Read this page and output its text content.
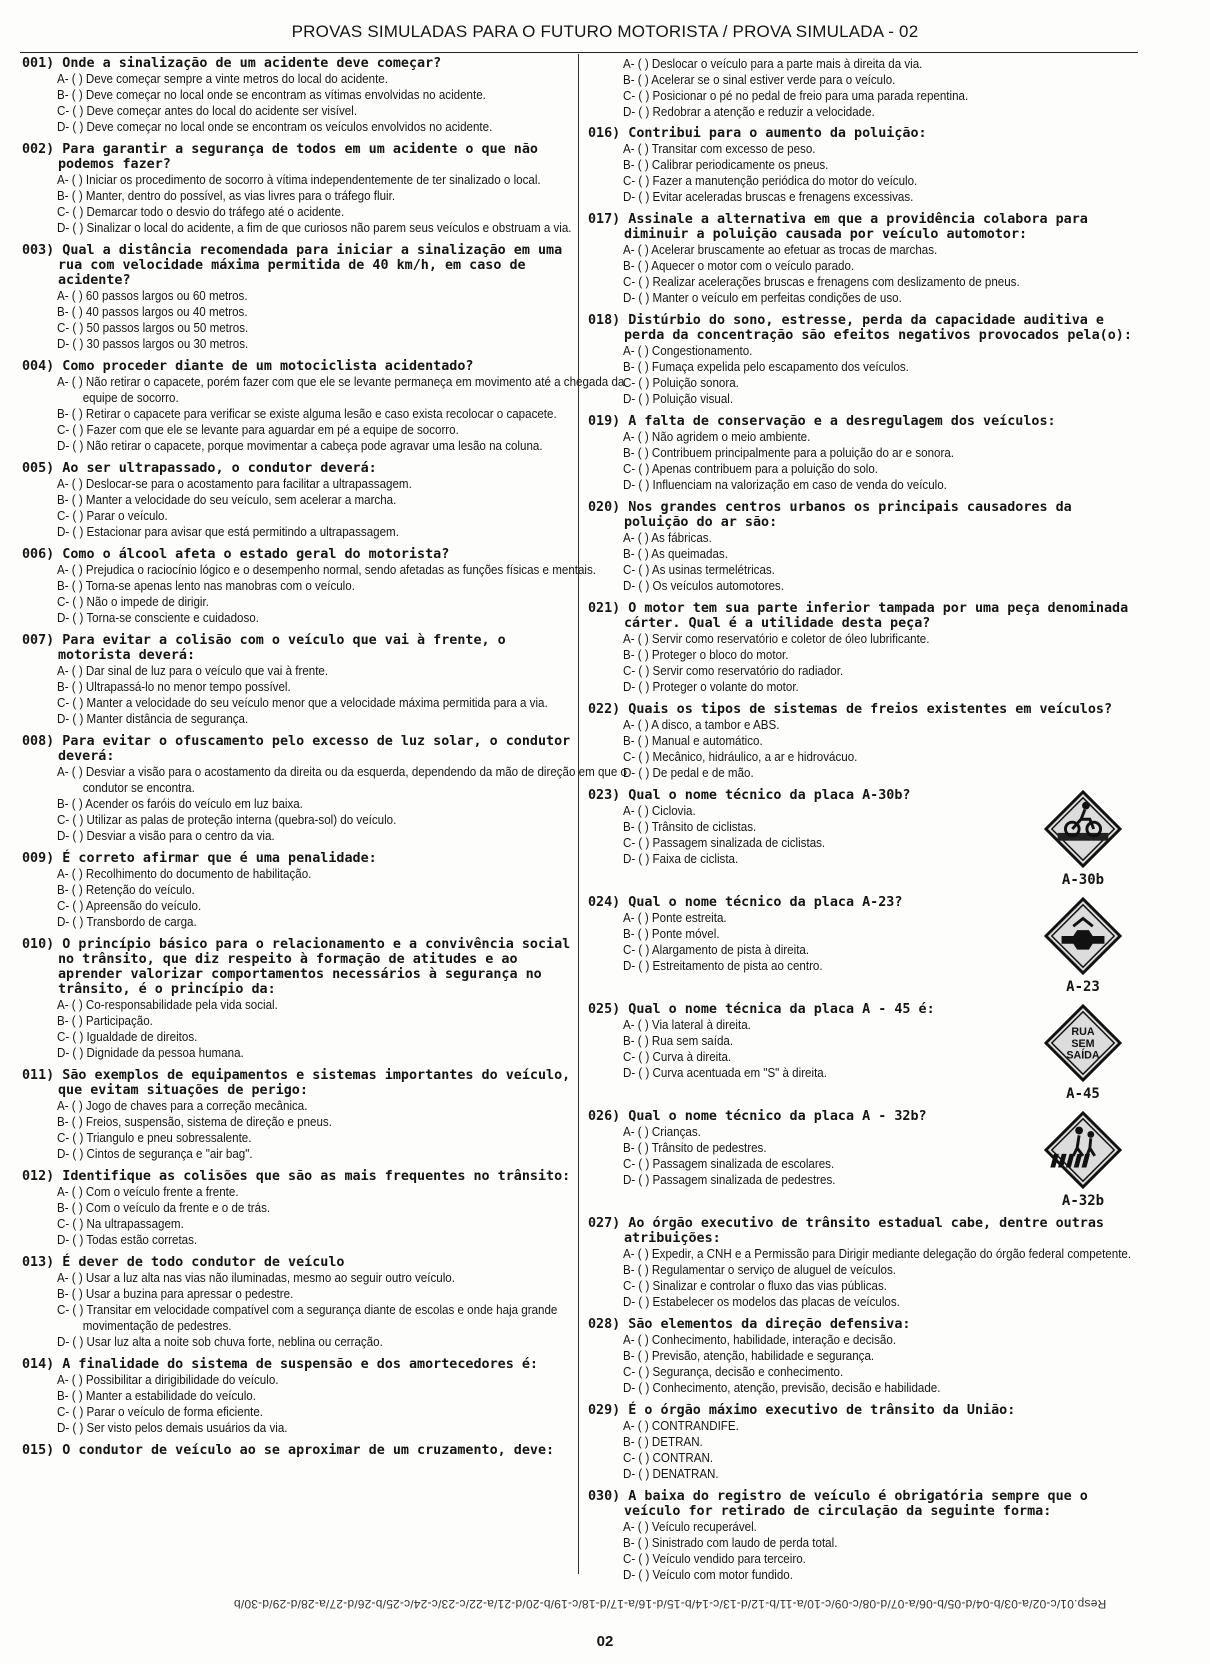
PROVAS SIMULADAS PARA O FUTURO MOTORISTA / PROVA SIMULADA - 02
001) Onde a sinalização de um acidente deve começar?
A- ( ) Deve começar sempre a vinte metros do local do acidente.
B- ( ) Deve começar no local onde se encontram as vítimas envolvidas no acidente.
C- ( ) Deve começar antes do local do acidente ser visível.
D- ( ) Deve começar no local onde se encontram os veículos envolvidos no acidente.
002) Para garantir a segurança de todos em um acidente o que não podemos fazer?
A- ( ) Iniciar os procedimento de socorro à vítima independentemente de ter sinalizado o local.
B- ( ) Manter, dentro do possível, as vias livres para o tráfego fluir.
C- ( ) Demarcar todo o desvio do tráfego até o acidente.
D- ( ) Sinalizar o local do acidente, a fim de que curiosos não parem seus veículos e obstruam a via.
003) Qual a distância recomendada para iniciar a sinalização em uma rua com velocidade máxima permitida de 40 km/h, em caso de acidente?
A- ( ) 60 passos largos ou 60 metros.
B- ( ) 40 passos largos ou 40 metros.
C- ( ) 50 passos largos ou 50 metros.
D- ( ) 30 passos largos ou 30 metros.
004) Como proceder diante de um motociclista acidentado?
A- ( ) Não retirar o capacete, porém fazer com que ele se levante permaneça em movimento até a chegada da equipe de socorro.
B- ( ) Retirar o capacete para verificar se existe alguma lesão e caso exista recolocar o capacete.
C- ( ) Fazer com que ele se levante para aguardar em pé a equipe de socorro.
D- ( ) Não retirar o capacete, porque movimentar a cabeça pode agravar uma lesão na coluna.
005) Ao ser ultrapassado, o condutor deverá:
A- ( ) Deslocar-se para o acostamento para facilitar a ultrapassagem.
B- ( ) Manter a velocidade do seu veículo, sem acelerar a marcha.
C- ( ) Parar o veículo.
D- ( ) Estacionar para avisar que está permitindo a ultrapassagem.
006) Como o álcool afeta o estado geral do motorista?
A- ( ) Prejudica o raciocínio lógico e o desempenho normal, sendo afetadas as funções físicas e mentais.
B- ( ) Torna-se apenas lento nas manobras com o veículo.
C- ( ) Não o impede de dirigir.
D- ( ) Torna-se consciente e cuidadoso.
007) Para evitar a colisão com o veículo que vai à frente, o motorista deverá:
A- ( ) Dar sinal de luz para o veículo que vai à frente.
B- ( ) Ultrapassá-lo no menor tempo possível.
C- ( ) Manter a velocidade do seu veículo menor que a velocidade máxima permitida para a via.
D- ( ) Manter distância de segurança.
008) Para evitar o ofuscamento pelo excesso de luz solar, o condutor deverá:
A- ( ) Desviar a visão para o acostamento da direita ou da esquerda, dependendo da mão de direção em que o condutor se encontra.
B- ( ) Acender os faróis do veículo em luz baixa.
C- ( ) Utilizar as palas de proteção interna (quebra-sol) do veículo.
D- ( ) Desviar a visão para o centro da via.
009) É correto afirmar que é uma penalidade:
A- ( ) Recolhimento do documento de habilitação.
B- ( ) Retenção do veículo.
C- ( ) Apreensão do veículo.
D- ( ) Transbordo de carga.
010) O princípio básico para o relacionamento e a convivência social no trânsito, que diz respeito à formação de atitudes e ao aprender valorizar comportamentos necessários à segurança no trânsito, é o princípio da:
A- ( ) Co-responsabilidade pela vida social.
B- ( ) Participação.
C- ( ) Igualdade de direitos.
D- ( ) Dignidade da pessoa humana.
011) São exemplos de equipamentos e sistemas importantes do veículo, que evitam situações de perigo:
A- ( ) Jogo de chaves para a correção mecânica.
B- ( ) Freios, suspensão, sistema de direção e pneus.
C- ( ) Triangulo e pneu sobressalente.
D- ( ) Cintos de segurança e "air bag".
012) Identifique as colisões que são as mais frequentes no trânsito:
A- ( ) Com o veículo frente a frente.
B- ( ) Com o veículo da frente e o de trás.
C- ( ) Na ultrapassagem.
D- ( ) Todas estão corretas.
013) É dever de todo condutor de veículo
A- ( ) Usar a luz alta nas vias não iluminadas, mesmo ao seguir outro veículo.
B- ( ) Usar a buzina para apressar o pedestre.
C- ( ) Transitar em velocidade compatível com a segurança diante de escolas e onde haja grande movimentação de pedestres.
D- ( ) Usar luz alta a noite sob chuva forte, neblina ou cerração.
014) A finalidade do sistema de suspensão e dos amortecedores é:
A- ( ) Possibilitar a dirigibilidade do veículo.
B- ( ) Manter a estabilidade do veículo.
C- ( ) Parar o veículo de forma eficiente.
D- ( ) Ser visto pelos demais usuários da via.
015) O condutor de veículo ao se aproximar de um cruzamento, deve:
A- ( ) Deslocar o veículo para a parte mais à direita da via.
B- ( ) Acelerar se o sinal estiver verde para o veículo.
C- ( ) Posicionar o pé no pedal de freio para uma parada repentina.
D- ( ) Redobrar a atenção e reduzir a velocidade.
016) Contribui para o aumento da poluição:
A- ( ) Transitar com excesso de peso.
B- ( ) Calibrar periodicamente os pneus.
C- ( ) Fazer a manutenção periódica do motor do veículo.
D- ( ) Evitar aceleradas bruscas e frenagens excessivas.
017) Assinale a alternativa em que a providência colabora para diminuir a poluição causada por veículo automotor:
A- ( ) Acelerar bruscamente ao efetuar as trocas de marchas.
B- ( ) Aquecer o motor com o veículo parado.
C- ( ) Realizar acelerações bruscas e frenagens com deslizamento de pneus.
D- ( ) Manter o veículo em perfeitas condições de uso.
018) Distúrbio do sono, estresse, perda da capacidade auditiva e perda da concentração são efeitos negativos provocados pela(o):
A- ( ) Congestionamento.
B- ( ) Fumaça expelida pelo escapamento dos veículos.
C- ( ) Poluição sonora.
D- ( ) Poluição visual.
019) A falta de conservação e a desregulagem dos veículos:
A- ( ) Não agridem o meio ambiente.
B- ( ) Contribuem principalmente para a poluição do ar e sonora.
C- ( ) Apenas contribuem para a poluição do solo.
D- ( ) Influenciam na valorização em caso de venda do veículo.
020) Nos grandes centros urbanos os principais causadores da poluição do ar são:
A- ( ) As fábricas.
B- ( ) As queimadas.
C- ( ) As usinas termelétricas.
D- ( ) Os veículos automotores.
021) O motor tem sua parte inferior tampada por uma peça denominada cárter. Qual é a utilidade desta peça?
A- ( ) Servir como reservatório e coletor de óleo lubrificante.
B- ( ) Proteger o bloco do motor.
C- ( ) Servir como reservatório do radiador.
D- ( ) Proteger o volante do motor.
022) Quais os tipos de sistemas de freios existentes em veículos?
A- ( ) A disco, a tambor e ABS.
B- ( ) Manual e automático.
C- ( ) Mecânico, hidráulico, a ar e hidrovácuo.
D- ( ) De pedal e de mão.
023) Qual o nome técnico da placa A-30b?
A- ( ) Ciclovia.
B- ( ) Trânsito de ciclistas.
C- ( ) Passagem sinalizada de ciclistas.
D- ( ) Faixa de ciclista.
A-30b
024) Qual o nome técnico da placa A-23?
A- ( ) Ponte estreita.
B- ( ) Ponte móvel.
C- ( ) Alargamento de pista à direita.
D- ( ) Estreitamento de pista ao centro.
A-23
025) Qual o nome técnica da placa A - 45 é:
A- ( ) Via lateral à direita.
B- ( ) Rua sem saída.
C- ( ) Curva à direita.
D- ( ) Curva acentuada em "S" à direita.
RUA
SEM
SAÍDA
A-45
026) Qual o nome técnico da placa A - 32b?
A- ( ) Crianças.
B- ( ) Trânsito de pedestres.
C- ( ) Passagem sinalizada de escolares.
D- ( ) Passagem sinalizada de pedestres.
A-32b
027) Ao órgão executivo de trânsito estadual cabe, dentre outras atribuições:
A- ( ) Expedir, a CNH e a Permissão para Dirigir mediante delegação do órgão federal competente.
B- ( ) Regulamentar o serviço de aluguel de veículos.
C- ( ) Sinalizar e controlar o fluxo das vias públicas.
D- ( ) Estabelecer os modelos das placas de veículos.
028) São elementos da direção defensiva:
A- ( ) Conhecimento, habilidade, interação e decisão.
B- ( ) Previsão, atenção, habilidade e segurança.
C- ( ) Segurança, decisão e conhecimento.
D- ( ) Conhecimento, atenção, previsão, decisão e habilidade.
029) É o órgão máximo executivo de trânsito da União:
A- ( ) CONTRANDIFE.
B- ( ) DETRAN.
C- ( ) CONTRAN.
D- ( ) DENATRAN.
030) A baixa do registro de veículo é obrigatória sempre que o veículo for retirado de circulação da seguinte forma:
A- ( ) Veículo recuperável.
B- ( ) Sinistrado com laudo de perda total.
C- ( ) Veículo vendido para terceiro.
D- ( ) Veículo com motor fundido.
Resp.01/c-02/a-03/b-04/d-05/b-06/a-07/d-08/c-09/c-10/a-11/b-12/d-13/c-14/b-15/d-16/a-17/d-18/c-19/b-20/d-21/a-22/c-23/c-24/c-25/b-26/d-27/a-28/d-29/d-30/b
02
